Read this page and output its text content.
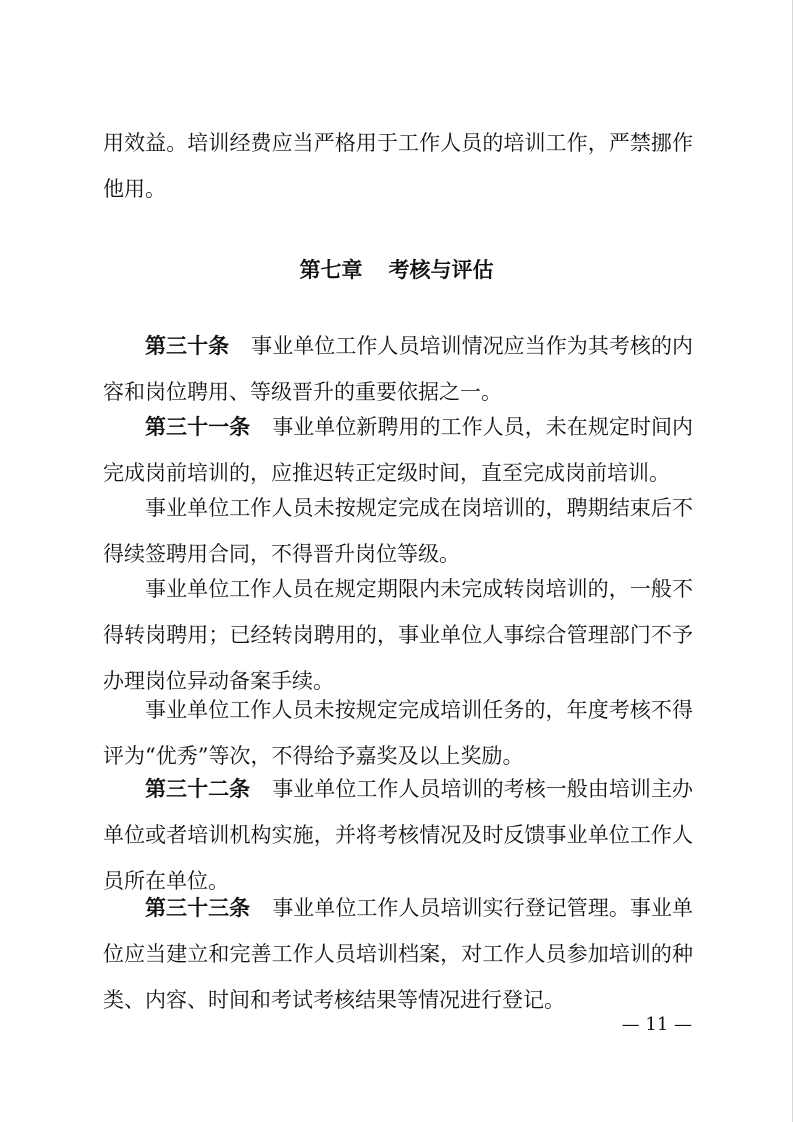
用效益。培训经费应当严格用于工作人员的培训工作，严禁挪作他用。

第七章 考核与评估

第三十条 事业单位工作人员培训情况应当作为其考核的内容和岗位聘用、等级晋升的重要依据之一。

第三十一条 事业单位新聘用的工作人员，未在规定时间内完成岗前培训的，应推迟转正定级时间，直至完成岗前培训。

事业单位工作人员未按规定完成在岗培训的，聘期结束后不得续签聘用合同，不得晋升岗位等级。

事业单位工作人员在规定期限内未完成转岗培训的，一般不得转岗聘用；已经转岗聘用的，事业单位人事综合管理部门不予办理岗位异动备案手续。

事业单位工作人员未按规定完成培训任务的，年度考核不得评为“优秀”等次，不得给予嘉奖及以上奖励。

第三十二条 事业单位工作人员培训的考核一般由培训主办单位或者培训机构实施，并将考核情况及时反馈事业单位工作人员所在单位。

第三十三条 事业单位工作人员培训实行登记管理。事业单位应当建立和完善工作人员培训档案，对工作人员参加培训的种类、内容、时间和考试考核结果等情况进行登记。

— 11 —
